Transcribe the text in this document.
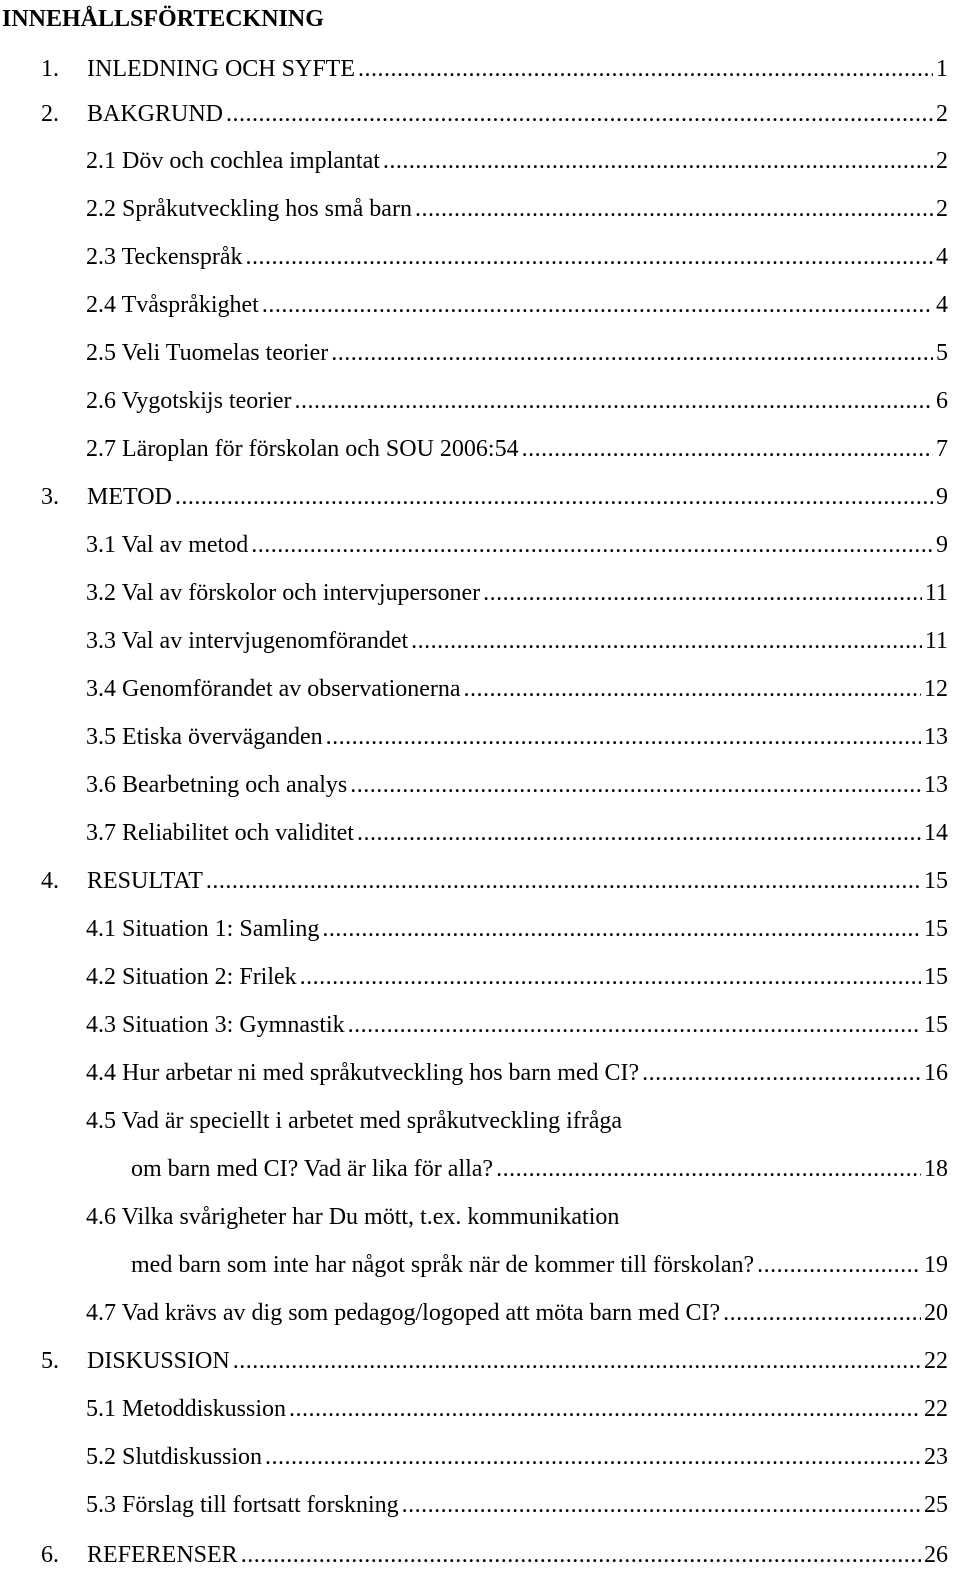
INNEHÅLLSFÖRTECKNING
1.	INLEDNING OCH SYFTE .....	1
2.	BAKGRUND .....	2
2.1 Döv och cochlea implantat .....	2
2.2 Språkutveckling hos små barn .....	2
2.3 Teckenspråk .....	4
2.4 Tvåspråkighet .....	4
2.5 Veli Tuomelas teorier .....	5
2.6 Vygotskijs teorier .....	6
2.7 Läroplan för förskolan och SOU 2006:54 .....	7
3.	METOD .....	9
3.1 Val av metod .....	9
3.2 Val av förskolor och intervjupersoner .....	11
3.3 Val av intervjugenomförandet .....	11
3.4 Genomförandet av observationerna .....	12
3.5 Etiska överväganden .....	13
3.6 Bearbetning och analys .....	13
3.7 Reliabilitet och validitet .....	14
4.	RESULTAT .....	15
4.1 Situation 1: Samling .....	15
4.2 Situation 2: Frilek .....	15
4.3 Situation 3: Gymnastik .....	15
4.4 Hur arbetar ni med språkutveckling hos barn med CI? .....	16
4.5 Vad är speciellt i arbetet med språkutveckling ifråga
om barn med CI? Vad är lika för alla? .....	18
4.6 Vilka svårigheter har Du mött, t.ex. kommunikation
med barn som inte har något språk när de kommer till förskolan? .....	19
4.7 Vad krävs av dig som pedagog/logoped att möta barn med CI? .....	20
5.	DISKUSSION .....	22
5.1 Metoddiskussion .....	22
5.2 Slutdiskussion .....	23
5.3 Förslag till fortsatt forskning .....	25
6.	REFERENSER .....	26
